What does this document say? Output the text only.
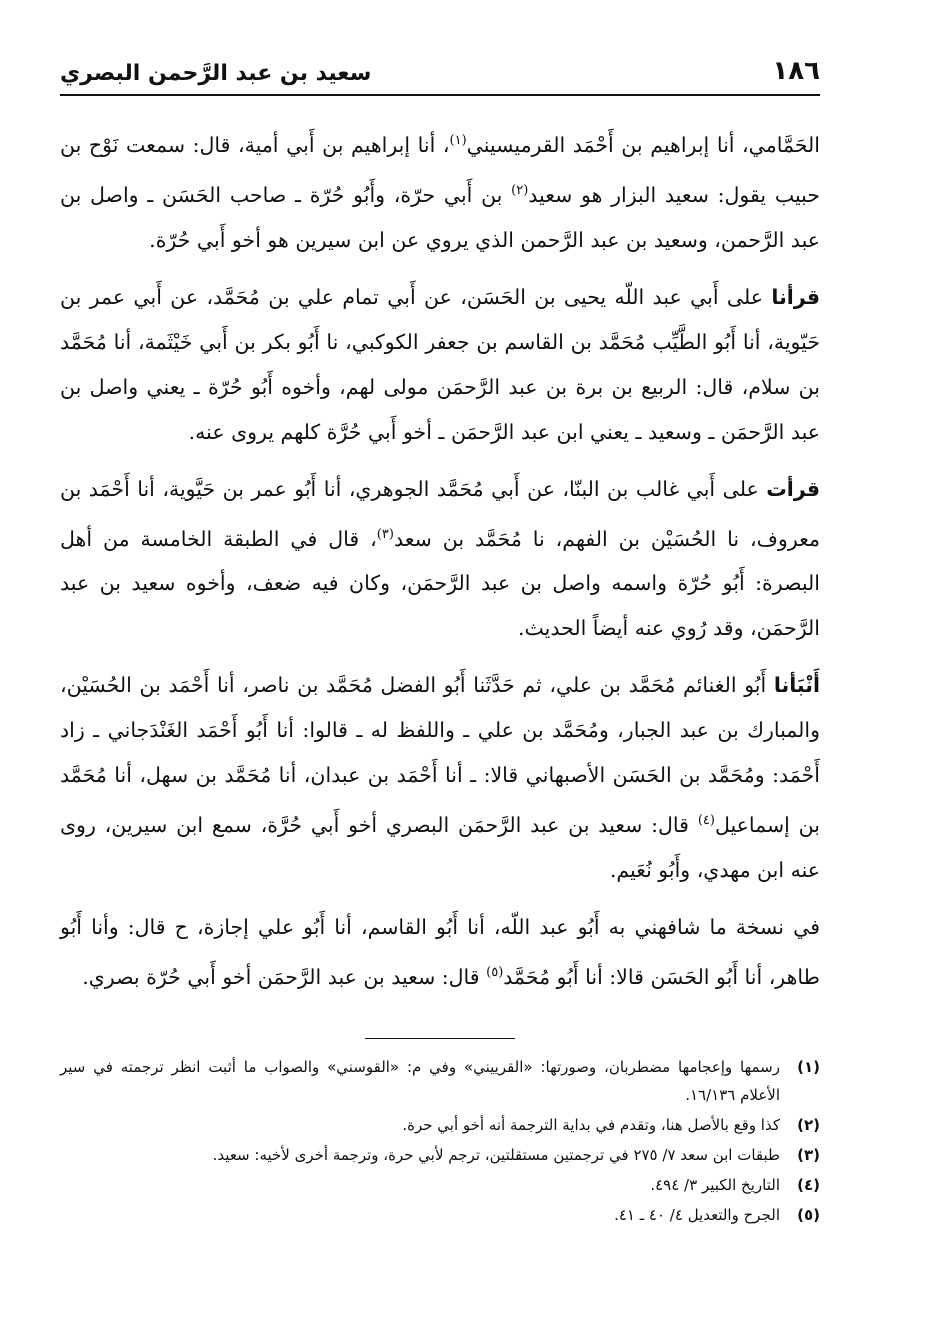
١٨٦
سعيد بن عبد الرَّحمن البصري

الحَمَّامي، أنا إبراهيم بن أَحْمَد القرميسيني$^{(١)}$، أنا إبراهيم بن أَبي أمية، قال: سمعت نَوْح بن حبيب يقول: سعيد البزار هو سعيد$^{(٢)}$ بن أَبي حرّة، وأَبُو حُرّة ـ صاحب الحَسَن ـ واصل بن عبد الرَّحمن، وسعيد بن عبد الرَّحمن الذي يروي عن ابن سيرين هو أخو أَبي حُرّة.

قرأنا على أَبي عبد اللّه يحيى بن الحَسَن، عن أَبي تمام علي بن مُحَمَّد، عن أَبي عمر بن حَيّوية، أنا أَبُو الطَّيِّب مُحَمَّد بن القاسم بن جعفر الكوكبي، نا أَبُو بكر بن أَبي خَيْثَمة، أنا مُحَمَّد بن سلام، قال: الربيع بن برة بن عبد الرَّحمَن مولى لهم، وأخوه أَبُو حُرّة ـ يعني واصل بن عبد الرَّحمَن ـ وسعيد ـ يعني ابن عبد الرَّحمَن ـ أخو أَبي حُرَّة كلهم يروى عنه.

قرأت على أَبي غالب بن البنّا، عن أَبي مُحَمَّد الجوهري، أنا أَبُو عمر بن حَيَّوية، أنا أَحْمَد بن معروف، نا الحُسَيْن بن الفهم، نا مُحَمَّد بن سعد$^{(٣)}$، قال في الطبقة الخامسة من أهل البصرة: أَبُو حُرّة واسمه واصل بن عبد الرَّحمَن، وكان فيه ضعف، وأخوه سعيد بن عبد الرَّحمَن، وقد رُوي عنه أيضاً الحديث.

أَنْبَأنا أَبُو الغنائم مُحَمَّد بن علي، ثم حَدَّثَنا أَبُو الفضل مُحَمَّد بن ناصر، أنا أَحْمَد بن الحُسَيْن، والمبارك بن عبد الجبار، ومُحَمَّد بن علي ـ واللفظ له ـ قالوا: أنا أَبُو أَحْمَد الغَنْدَجاني ـ زاد أَحْمَد: ومُحَمَّد بن الحَسَن الأصبهاني قالا: ـ أنا أَحْمَد بن عبدان، أنا مُحَمَّد بن سهل، أنا مُحَمَّد بن إسماعيل$^{(٤)}$ قال: سعيد بن عبد الرَّحمَن البصري أخو أَبي حُرَّة، سمع ابن سيرين، روى عنه ابن مهدي، وأَبُو نُعَيم.

في نسخة ما شافهني به أَبُو عبد اللّه، أنا أَبُو القاسم، أنا أَبُو علي إجازة، ح قال: وأنا أَبُو طاهر، أنا أَبُو الحَسَن قالا: أنا أَبُو مُحَمَّد$^{(٥)}$ قال: سعيد بن عبد الرَّحمَن أخو أَبي حُرّة بصري.

(١)
رسمها وإعجامها مضطربان، وصورتها: «القرييني» وفي م: «القوسني» والصواب ما أثبت انظر ترجمته في سير الأعلام ١٦/١٣٦.
(٢)
كذا وقع بالأصل هنا، وتقدم في بداية الترجمة أنه أخو أبي حرة.
(٣)
طبقات ابن سعد ٧/ ٢٧٥ في ترجمتين مستقلتين، ترجم لأبي حرة، وترجمة أخرى لأخيه: سعيد.
(٤)
التاريخ الكبير ٣/ ٤٩٤.
(٥)
الجرح والتعديل ٤/ ٤٠ ـ ٤١.
